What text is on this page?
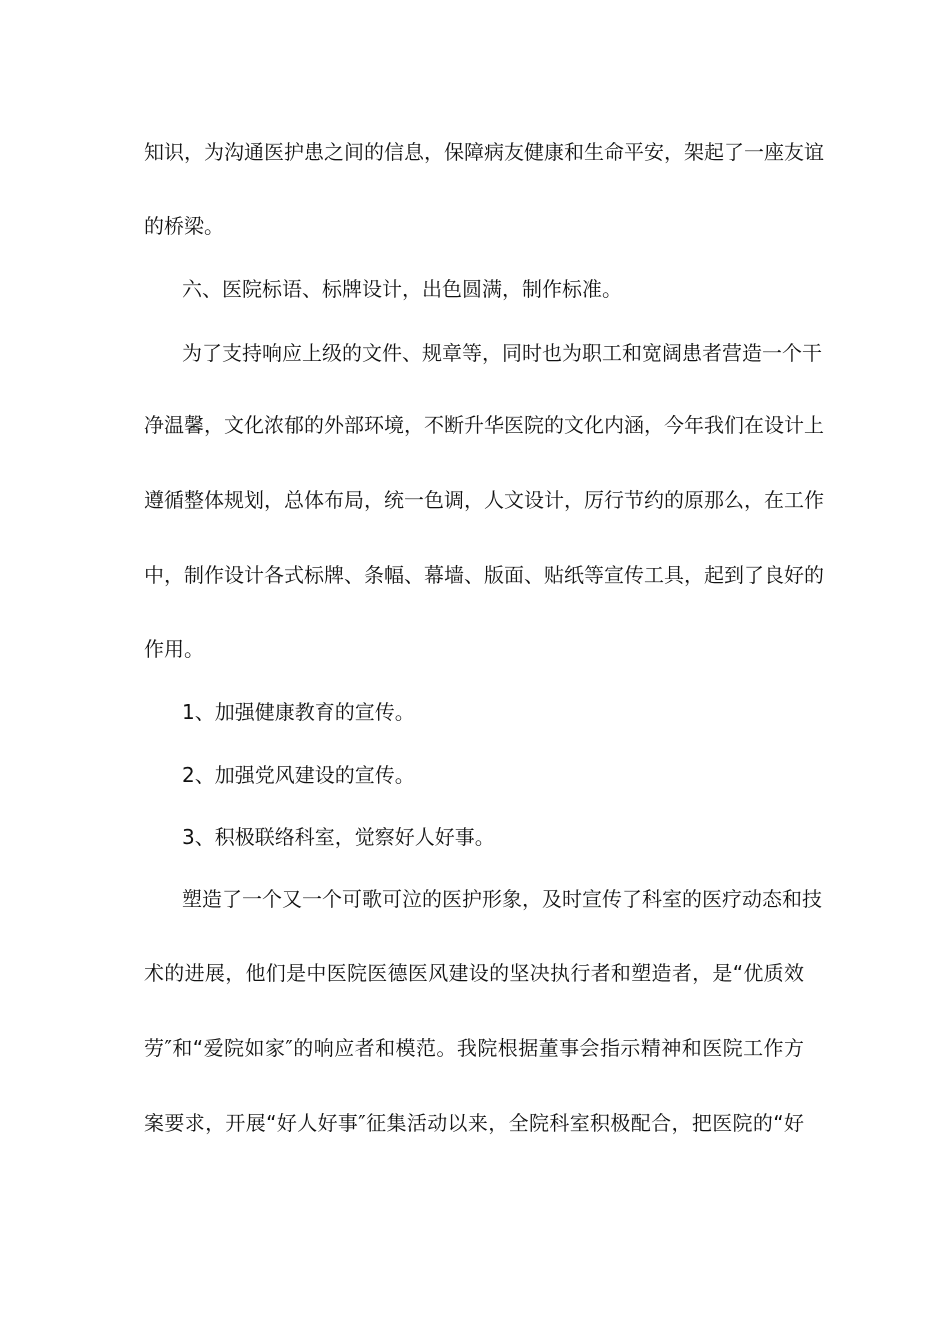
知识，为沟通医护患之间的信息，保障病友健康和生命平安，架起了一座友谊
的桥梁。
六、医院标语、标牌设计，出色圆满，制作标准。
为了支持响应上级的文件、规章等，同时也为职工和宽阔患者营造一个干
净温馨，文化浓郁的外部环境，不断升华医院的文化内涵，今年我们在设计上
遵循整体规划，总体布局，统一色调，人文设计，厉行节约的原那么，在工作
中，制作设计各式标牌、条幅、幕墙、版面、贴纸等宣传工具，起到了良好的
作用。
1、加强健康教育的宣传。
2、加强党风建设的宣传。
3、积极联络科室，觉察好人好事。
塑造了一个又一个可歌可泣的医护形象，及时宣传了科室的医疗动态和技
术的进展，他们是中医院医德医风建设的坚决执行者和塑造者，是“优质效
劳″和“爱院如家″的响应者和模范。我院根据董事会指示精神和医院工作方
案要求，开展“好人好事″征集活动以来，全院科室积极配合，把医院的“好
